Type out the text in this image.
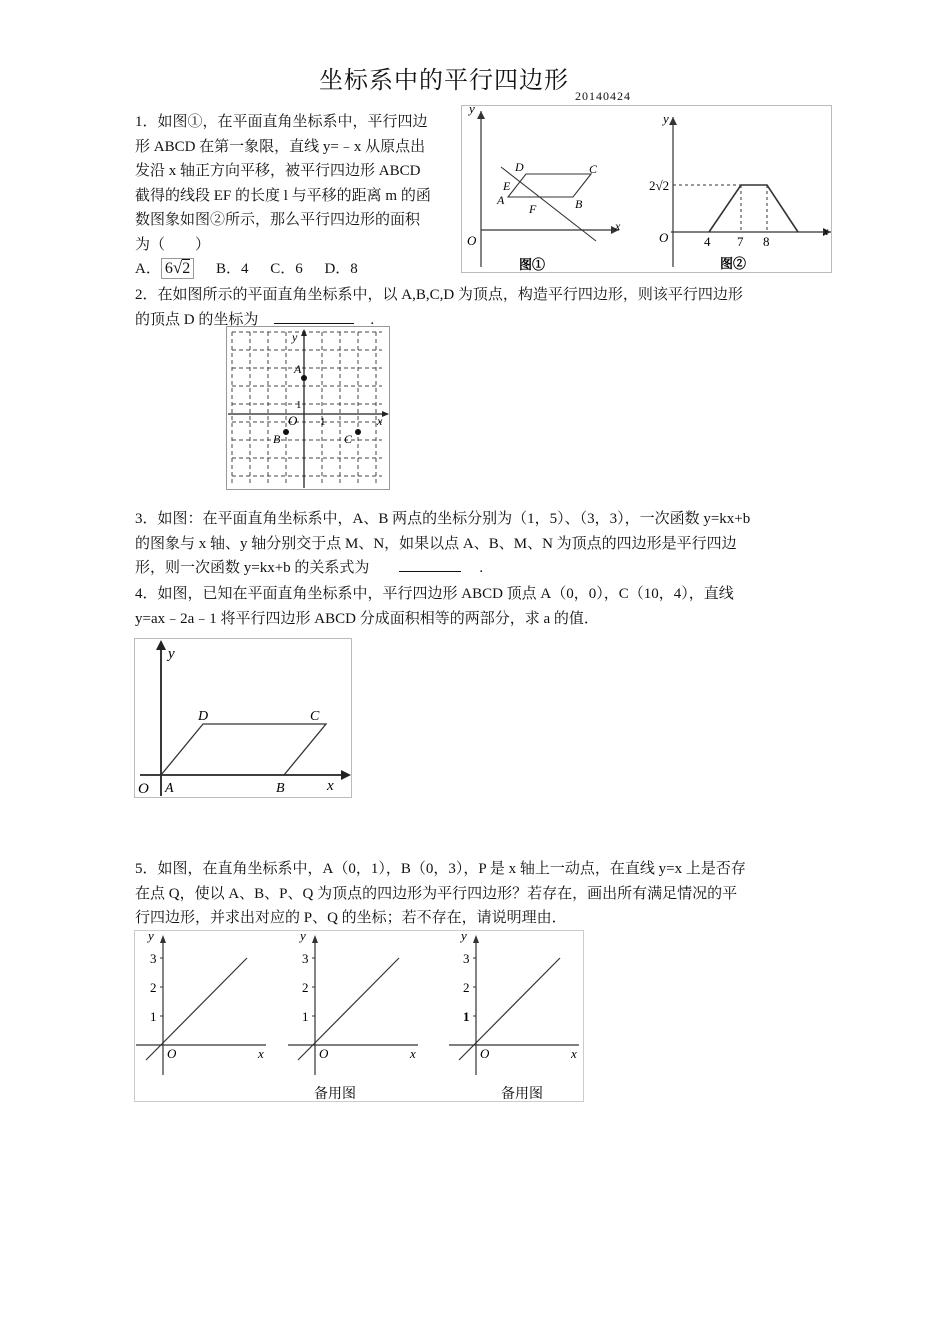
坐标系中的平行四边形$_{20140424}$

1．如图①，在平面直角坐标系中，平行四边

形 ABCD 在第一象限，直线 y=﹣x 从原点出

发沿 x 轴正方向平移，被平行四边形 ABCD

截得的线段 EF 的长度 l 与平移的距离 m 的函

数图象如图②所示，那么平行四边形的面积

为（　　）

A． 6√2 B．4 C．6 D．8

y
x
O
A	B
C
D
E
F
图①
y
x
O
2√2
4 7 8
图②

2．在如图所示的平面直角坐标系中，以 A,B,C,D 为顶点，构造平行四边形，则该平行四边形

的顶点 D 的坐标为	.

A
B	C
O
1
1
y
x

3．如图：在平面直角坐标系中，A、B 两点的坐标分别为（1，5）、（3，3），一次函数 y=kx+b

的图象与 x 轴、y 轴分别交于点 M、N，如果以点 A、B、M、N 为顶点的四边形是平行四边

形，则一次函数 y=kx+b 的关系式为	.

4．如图，已知在平面直角坐标系中，平行四边形 ABCD 顶点 A（0，0），C（10，4），直线

y=ax﹣2a﹣1 将平行四边形 ABCD 分成面积相等的两部分，求 a 的值．

y
x
O A	B
C
D

5．如图，在直角坐标系中，A（0，1），B（0，3），P 是 x 轴上一动点，在直线 y=x 上是否存

在点 Q，使以 A、B、P、Q 为顶点的四边形为平行四边形？若存在，画出所有满足情况的平

行四边形，并求出对应的 P、Q 的坐标；若不存在，请说明理由．

y
x
O
3
2
1
y
x
O
3
2
1
备用图
y
x
O
3
2
1
备用图
